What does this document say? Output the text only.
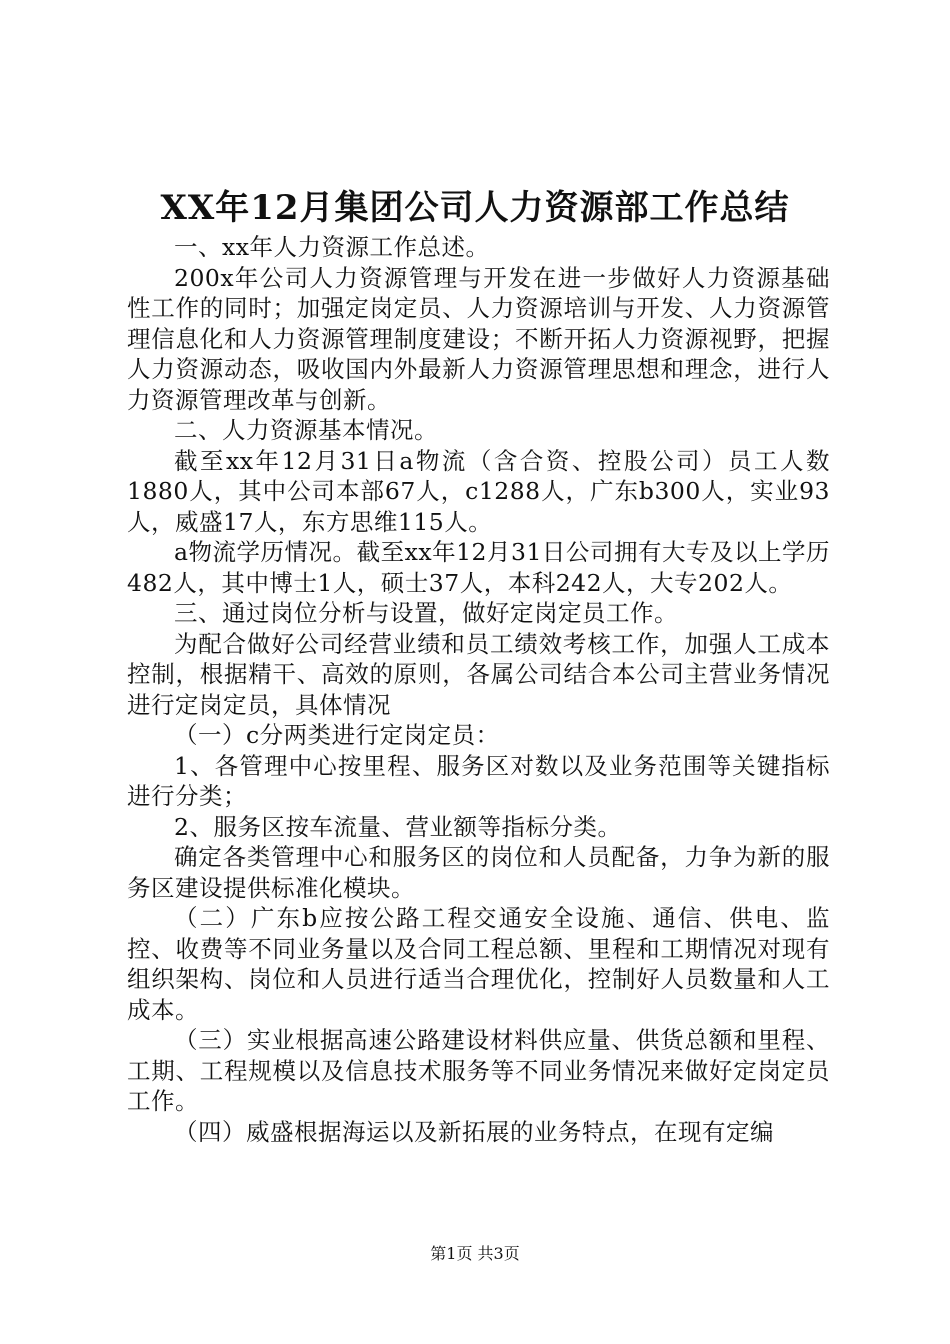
XX年12月集团公司人力资源部工作总结

一、xx年人力资源工作总述。

200x年公司人力资源管理与开发在进一步做好人力资源基础性工作的同时；加强定岗定员、人力资源培训与开发、人力资源管理信息化和人力资源管理制度建设；不断开拓人力资源视野，把握人力资源动态，吸收国内外最新人力资源管理思想和理念，进行人力资源管理改革与创新。

二、人力资源基本情况。

截至xx年12月31日a物流（含合资、控股公司）员工人数1880人，其中公司本部67人，c1288人，广东b300人，实业93人，威盛17人，东方思维115人。

a物流学历情况。截至xx年12月31日公司拥有大专及以上学历482人，其中博士1人，硕士37人，本科242人，大专202人。

三、通过岗位分析与设置，做好定岗定员工作。

为配合做好公司经营业绩和员工绩效考核工作，加强人工成本控制，根据精干、高效的原则，各属公司结合本公司主营业务情况进行定岗定员，具体情况

（一）c分两类进行定岗定员：

1、各管理中心按里程、服务区对数以及业务范围等关键指标进行分类；

2、服务区按车流量、营业额等指标分类。

确定各类管理中心和服务区的岗位和人员配备，力争为新的服务区建设提供标准化模块。

（二）广东b应按公路工程交通安全设施、通信、供电、监控、收费等不同业务量以及合同工程总额、里程和工期情况对现有组织架构、岗位和人员进行适当合理优化，控制好人员数量和人工成本。

（三）实业根据高速公路建设材料供应量、供货总额和里程、工期、工程规模以及信息技术服务等不同业务情况来做好定岗定员工作。

（四）威盛根据海运以及新拓展的业务特点，在现有定编

第1页 共3页
